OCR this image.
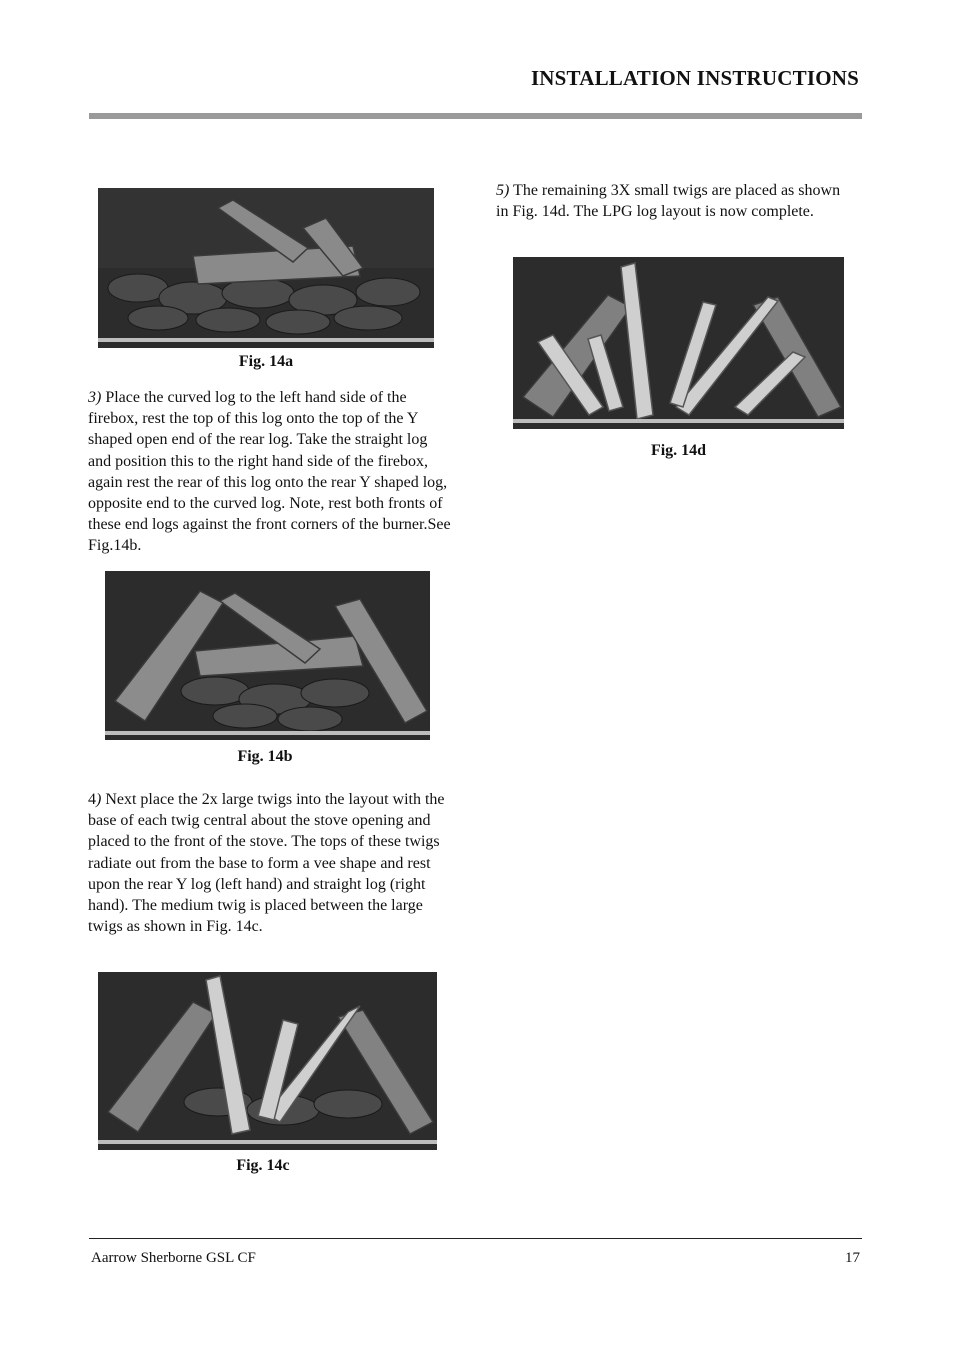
INSTALLATION INSTRUCTIONS
Fig. 14a

3) Place the curved log to the left hand side of the firebox, rest the top of this log onto the top of the Y shaped open end of the rear log. Take the straight log and position this to the right hand side of the firebox, again rest the rear of this log onto the rear Y shaped log, opposite end to the curved log. Note, rest both fronts of these end logs against the front corners of the burner.See Fig.14b.

Fig. 14b

4) Next place the 2x large twigs into the layout with the base of each twig central about the stove opening and placed to the front of the stove. The tops of these twigs radiate out from the base to form a vee shape and rest upon the rear Y log (left hand) and straight log (right hand). The medium twig is placed between the large twigs as shown in Fig. 14c.

Fig. 14c

5) The remaining 3X small twigs are placed as shown in Fig. 14d. The LPG log layout is now complete.

Fig. 14d
Aarrow Sherborne GSL CF	17
